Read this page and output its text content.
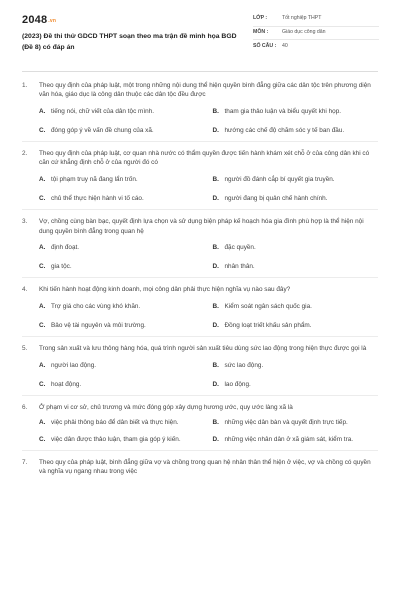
2048.vn
(2023) Đề thi thử GDCD THPT soạn theo ma trận đề minh họa BGD (Đề 8) có đáp án
LỚP :	Tốt nghiệp THPT
MÔN :	Giáo dục công dân
SỐ CÂU :	40
1.	Theo quy định của pháp luật, một trong những nội dung thể hiện quyền bình đẳng giữa các dân tộc trên phương diện văn hóa, giáo dục là công dân thuộc các dân tộc đều được
A. tiếng nói, chữ viết của dân tộc mình.	B. tham gia thảo luận và biểu quyết khi họp.
C. đóng góp ý về vấn đề chung của xã.	D. hướng các chế độ chăm sóc y tế ban đầu.
2.	Theo quy định của pháp luật, cơ quan nhà nước có thẩm quyền được tiến hành khám xét chỗ ở của công dân khi có căn cứ khẳng định chỗ ở của người đó có
A. tội phạm truy nã đang lẩn trốn.	B. người đồ đánh cắp bí quyết gia truyền.
C. chủ thể thực hiện hành vi tố cáo.	D. người đang bị quản chế hành chính.
3.	Vợ, chồng cùng bàn bạc, quyết định lựa chọn và sử dụng biện pháp kế hoạch hóa gia đình phù hợp là thể hiện nội dung quyền bình đẳng trong quan hệ
A. định đoạt.	B. đặc quyền.
C. gia tộc.	D. nhân thân.
4.	Khi tiến hành hoạt động kinh doanh, mọi công dân phải thực hiện nghĩa vụ nào sau đây?
A. Trợ giá cho các vùng khó khăn.	B. Kiểm soát ngân sách quốc gia.
C. Bảo vệ tài nguyên và môi trường.	D. Đồng loạt triết khấu sản phẩm.
5.	Trong sản xuất và lưu thông hàng hóa, quá trình người sản xuất tiêu dùng sức lao động trong hiện thực được gọi là
A. người lao động.	B. sức lao động.
C. hoạt động.	D. lao động.
6.	Ở phạm vi cơ sở, chủ trương và mức đóng góp xây dựng hương ước, quy ước làng xã là
A. việc phải thông báo để dân biết và thực hiện.	B. những việc dân bàn và quyết định trực tiếp.
C. việc dân được thảo luận, tham gia góp ý kiến.	D. những việc nhân dân ở xã giám sát, kiểm tra.
7.	Theo quy của pháp luật, bình đẳng giữa vợ và chồng trong quan hệ nhân thân thể hiện ở việc, vợ và chồng có quyền và nghĩa vụ ngang nhau trong việc
